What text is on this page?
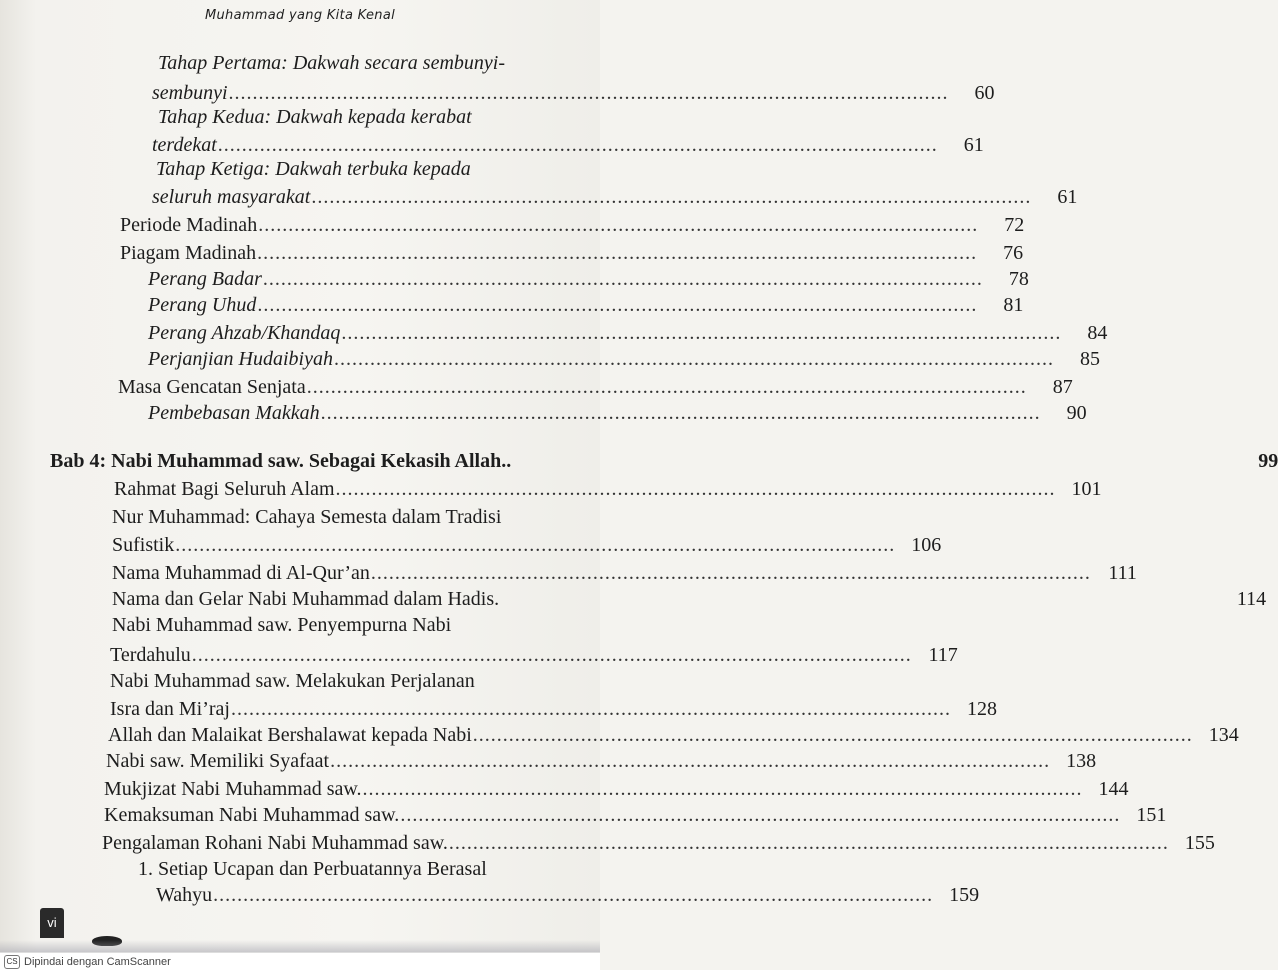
Muhammad yang Kita Kenal
Tahap Pertama: Dakwah secara sembunyi-
sembunyi ........................................................................................................................	60
Tahap Kedua: Dakwah kepada kerabat
terdekat ........................................................................................................................	61
Tahap Ketiga: Dakwah terbuka kepada
seluruh masyarakat ........................................................................................................................	61
Periode Madinah ........................................................................................................................	72
Piagam Madinah ........................................................................................................................	76
Perang Badar ........................................................................................................................	78
Perang Uhud ........................................................................................................................	81
Perang Ahzab/Khandaq ........................................................................................................................	84
Perjanjian Hudaibiyah ........................................................................................................................	85
Masa Gencatan Senjata ........................................................................................................................	87
Pembebasan Makkah ........................................................................................................................	90
Bab 4: Nabi Muhammad saw. Sebagai Kekasih Allah..	99
Rahmat Bagi Seluruh Alam ........................................................................................................................ 101
Nur Muhammad: Cahaya Semesta dalam Tradisi
Sufistik ........................................................................................................................ 106
Nama Muhammad di Al-Qur’an ........................................................................................................................ 111
Nama dan Gelar Nabi Muhammad dalam Hadis.	114
Nabi Muhammad saw. Penyempurna Nabi
Terdahulu ........................................................................................................................ 117
Nabi Muhammad saw. Melakukan Perjalanan
Isra dan Mi’raj ........................................................................................................................ 128
Allah dan Malaikat Bershalawat kepada Nabi ........................................................................................................................ 134
Nabi saw. Memiliki Syafaat ........................................................................................................................ 138
Mukjizat Nabi Muhammad saw. ........................................................................................................................ 144
Kemaksuman Nabi Muhammad saw. ........................................................................................................................ 151
Pengalaman Rohani Nabi Muhammad saw. ........................................................................................................................ 155
1. Setiap Ucapan dan Perbuatannya Berasal
Wahyu ........................................................................................................................ 159
vi
CS Dipindai dengan CamScanner
